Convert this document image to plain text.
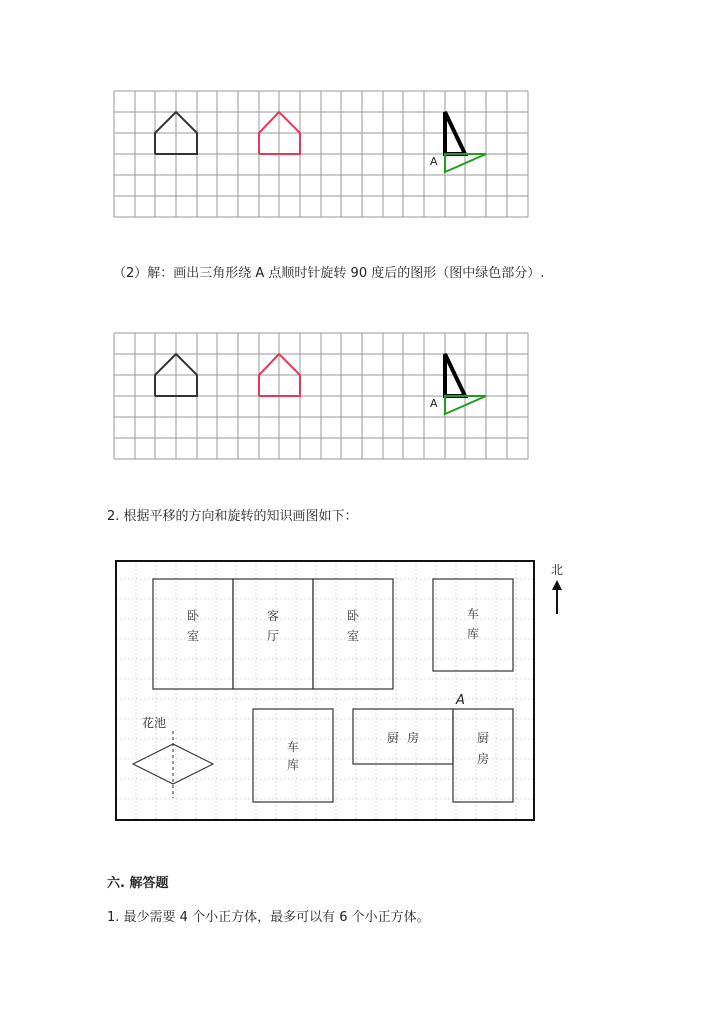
A
（2）解：画出三角形绕 A 点顺时针旋转 90 度后的图形（图中绿色部分）.
A
2. 根据平移的方向和旋转的知识画图如下：
卧
室
客
厅
卧
室
车
库
车
库
厨 房	厨
房
A
花池
北
六. 解答题
1. 最少需要 4 个小正方体，最多可以有 6 个小正方体。
